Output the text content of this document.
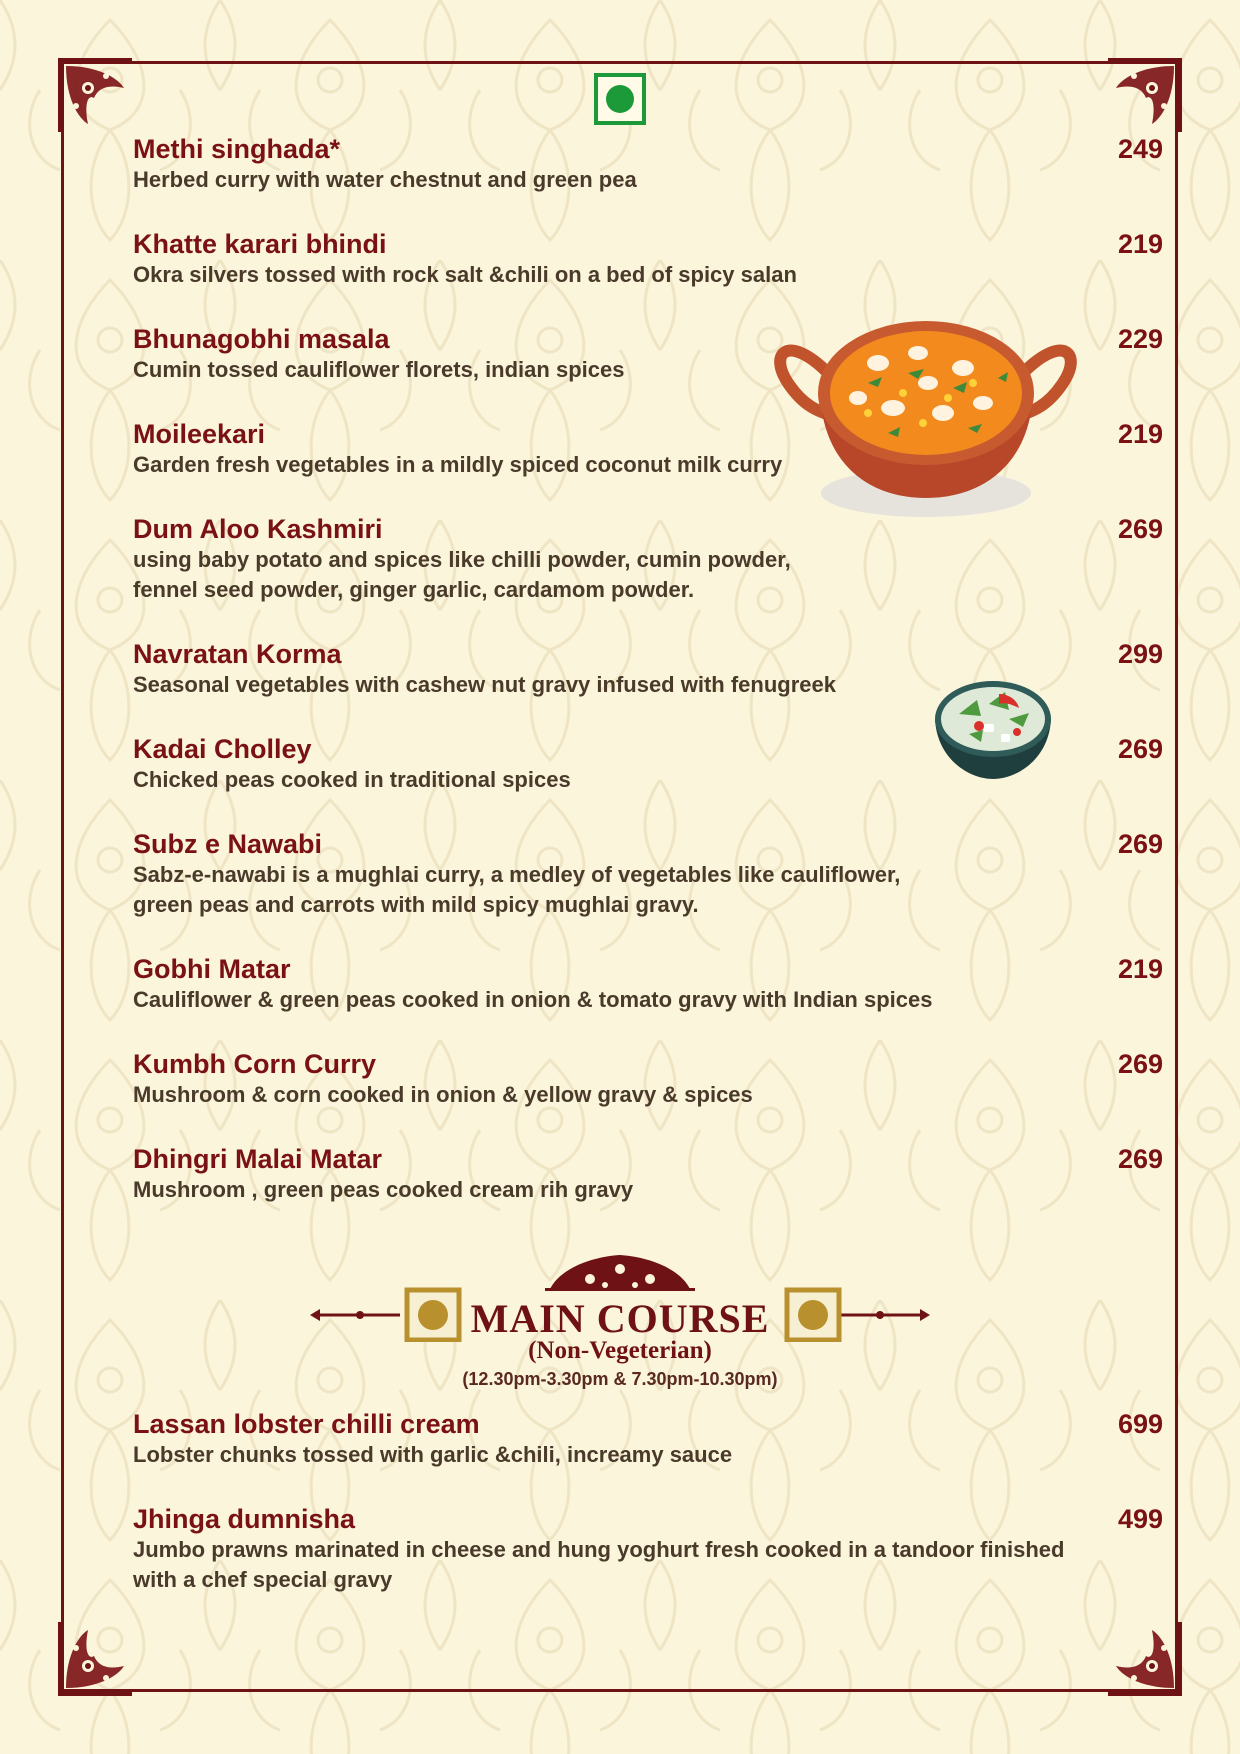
Methi singhada*

Herbed curry with water chestnut and green pea

249

Khatte karari bhindi

Okra silvers tossed with rock salt &chili on a bed of spicy salan

219

Bhunagobhi masala

Cumin tossed cauliflower florets, indian spices

229

Moileekari

Garden fresh vegetables in a mildly spiced coconut milk curry

219

Dum Aloo Kashmiri

using baby potato and spices like chilli powder, cumin powder, fennel seed powder, ginger garlic, cardamom powder.

269

Navratan Korma

Seasonal vegetables with cashew nut gravy infused with fenugreek

299

Kadai Cholley

Chicked peas cooked in traditional spices

269

Subz e Nawabi

Sabz-e-nawabi is a mughlai curry, a medley of vegetables like cauliflower, green peas and carrots with mild spicy mughlai gravy.

269

Gobhi Matar

Cauliflower & green peas cooked in onion & tomato gravy with Indian spices

219

Kumbh Corn Curry

Mushroom & corn cooked in onion & yellow gravy & spices

269

Dhingri Malai Matar

Mushroom , green peas cooked cream rih gravy

269

MAIN COURSE

(Non-Vegeterian)

(12.30pm-3.30pm & 7.30pm-10.30pm)

Lassan lobster chilli cream

Lobster chunks tossed with garlic &chili, increamy sauce

699

Jhinga dumnisha

Jumbo prawns marinated in cheese and hung yoghurt fresh cooked in a tandoor finished with a chef special gravy

499
